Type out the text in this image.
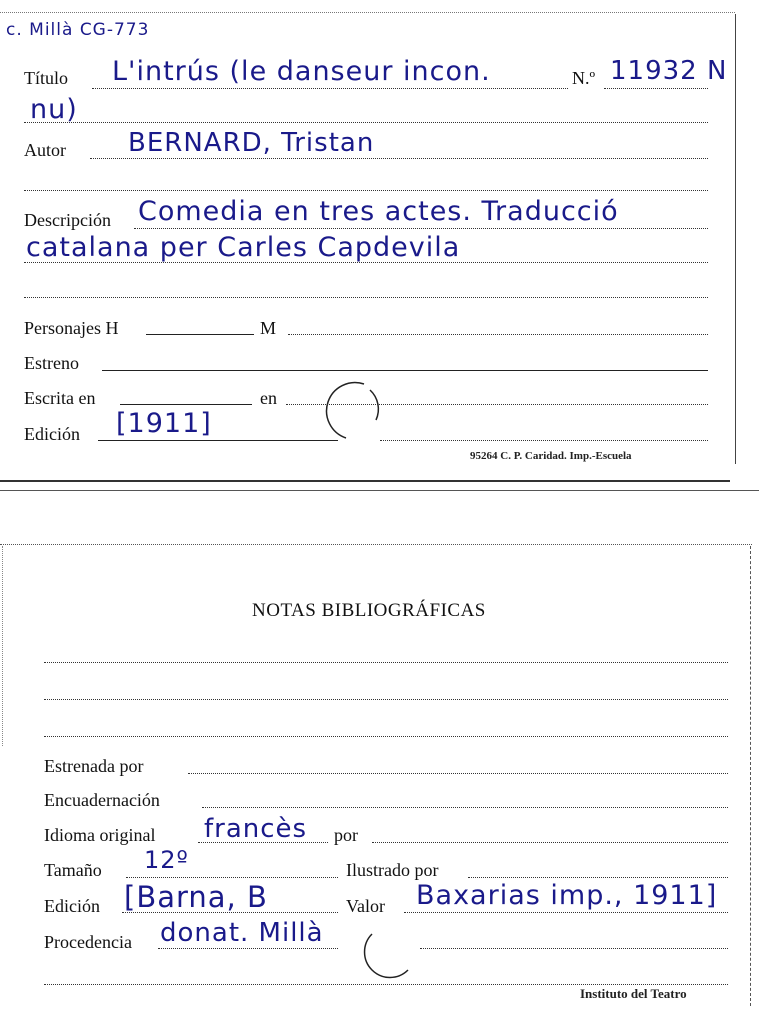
c. Millà CG-773
Título L'intrús (le danseur incon.	N.º 11932 N
nu)
Autor BERNARD, Tristan
Descripción Comedia en tres actes. Traducció
catalana per Carles Capdevila
Personajes H	M
Estreno
Escrita en	en
Edición [1911]
95264 C. P. Caridad. Imp.-Escuela
NOTAS BIBLIOGRÁFICAS
Estrenada por
Encuadernación
Idioma original francès por
Tamaño 12º	Ilustrado por
Edición [Barna, B	Valor Baxarias imp., 1911]
Procedencia donat. Millà
Instituto del Teatro
